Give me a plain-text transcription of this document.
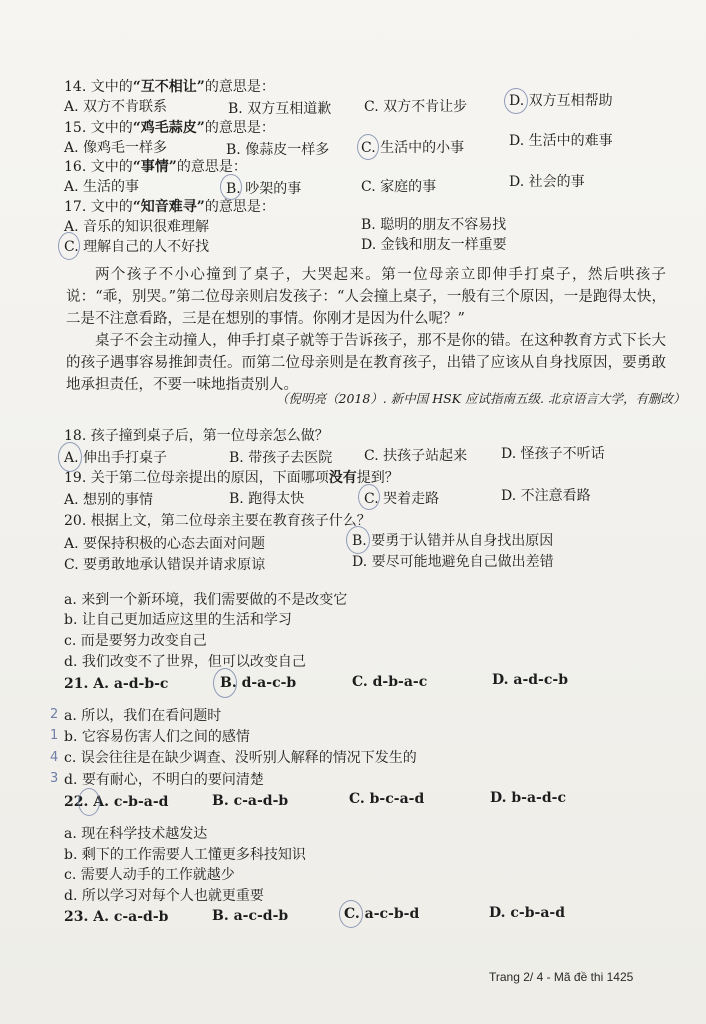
14. 文中的“互不相让”的意思是：
A. 双方不肯联系	B. 双方互相道歉 C. 双方不肯让步	D. 双方互相帮助
15. 文中的“鸡毛蒜皮”的意思是：
A. 像鸡毛一样多	B. 像蒜皮一样多 C. 生活中的小事	D. 生活中的难事
16. 文中的“事情”的意思是：
A. 生活的事	B. 吵架的事	C. 家庭的事	D. 社会的事
17. 文中的“知音难寻”的意思是：
A. 音乐的知识很难理解	B. 聪明的朋友不容易找
C. 理解自己的人不好找	D. 金钱和朋友一样重要

两个孩子不小心撞到了桌子，大哭起来。第一位母亲立即伸手打桌子，然后哄孩子说：“乖，别哭。”第二位母亲则启发孩子：“人会撞上桌子，一般有三个原因，一是跑得太快，二是不注意看路，三是在想别的事情。你刚才是因为什么呢？”

桌子不会主动撞人，伸手打桌子就等于告诉孩子，那不是你的错。在这种教育方式下长大的孩子遇事容易推卸责任。而第二位母亲则是在教育孩子，出错了应该从自身找原因，要勇敢地承担责任，不要一味地指责别人。

（倪明亮（2018）. 新中国 HSK 应试指南五级. 北京语言大学，有删改）
18. 孩子撞到桌子后，第一位母亲怎么做？
A. 伸出手打桌子	B. 带孩子去医院 C. 扶孩子站起来 D. 怪孩子不听话
19. 关于第二位母亲提出的原因，下面哪项没有提到？
A. 想别的事情	B. 跑得太快	C. 哭着走路	D. 不注意看路
20. 根据上文，第二位母亲主要在教育孩子什么？
A. 要保持积极的心态去面对问题	B. 要勇于认错并从自身找出原因
C. 要勇敢地承认错误并请求原谅	D. 要尽可能地避免自己做出差错
a. 来到一个新环境，我们需要做的不是改变它
b. 让自己更加适应这里的生活和学习
c. 而是要努力改变自己
d. 我们改变不了世界，但可以改变自己
21. A. a-d-b-c	B. d-a-c-b	C. d-b-a-c	D. a-d-c-b
a. 所以，我们在看问题时
b. 它容易伤害人们之间的感情
c. 误会往往是在缺少调查、没听别人解释的情况下发生的
d. 要有耐心，不明白的要问清楚
22. A. c-b-a-d	B. c-a-d-b	C. b-c-a-d	D. b-a-d-c
a. 现在科学技术越发达
b. 剩下的工作需要人工懂更多科技知识
c. 需要人动手的工作就越少
d. 所以学习对每个人也就更重要
23. A. c-a-d-b	B. a-c-d-b	C. a-c-b-d	D. c-b-a-d
2
1
4
3
Trang 2/ 4 - Mã đề thi 1425
